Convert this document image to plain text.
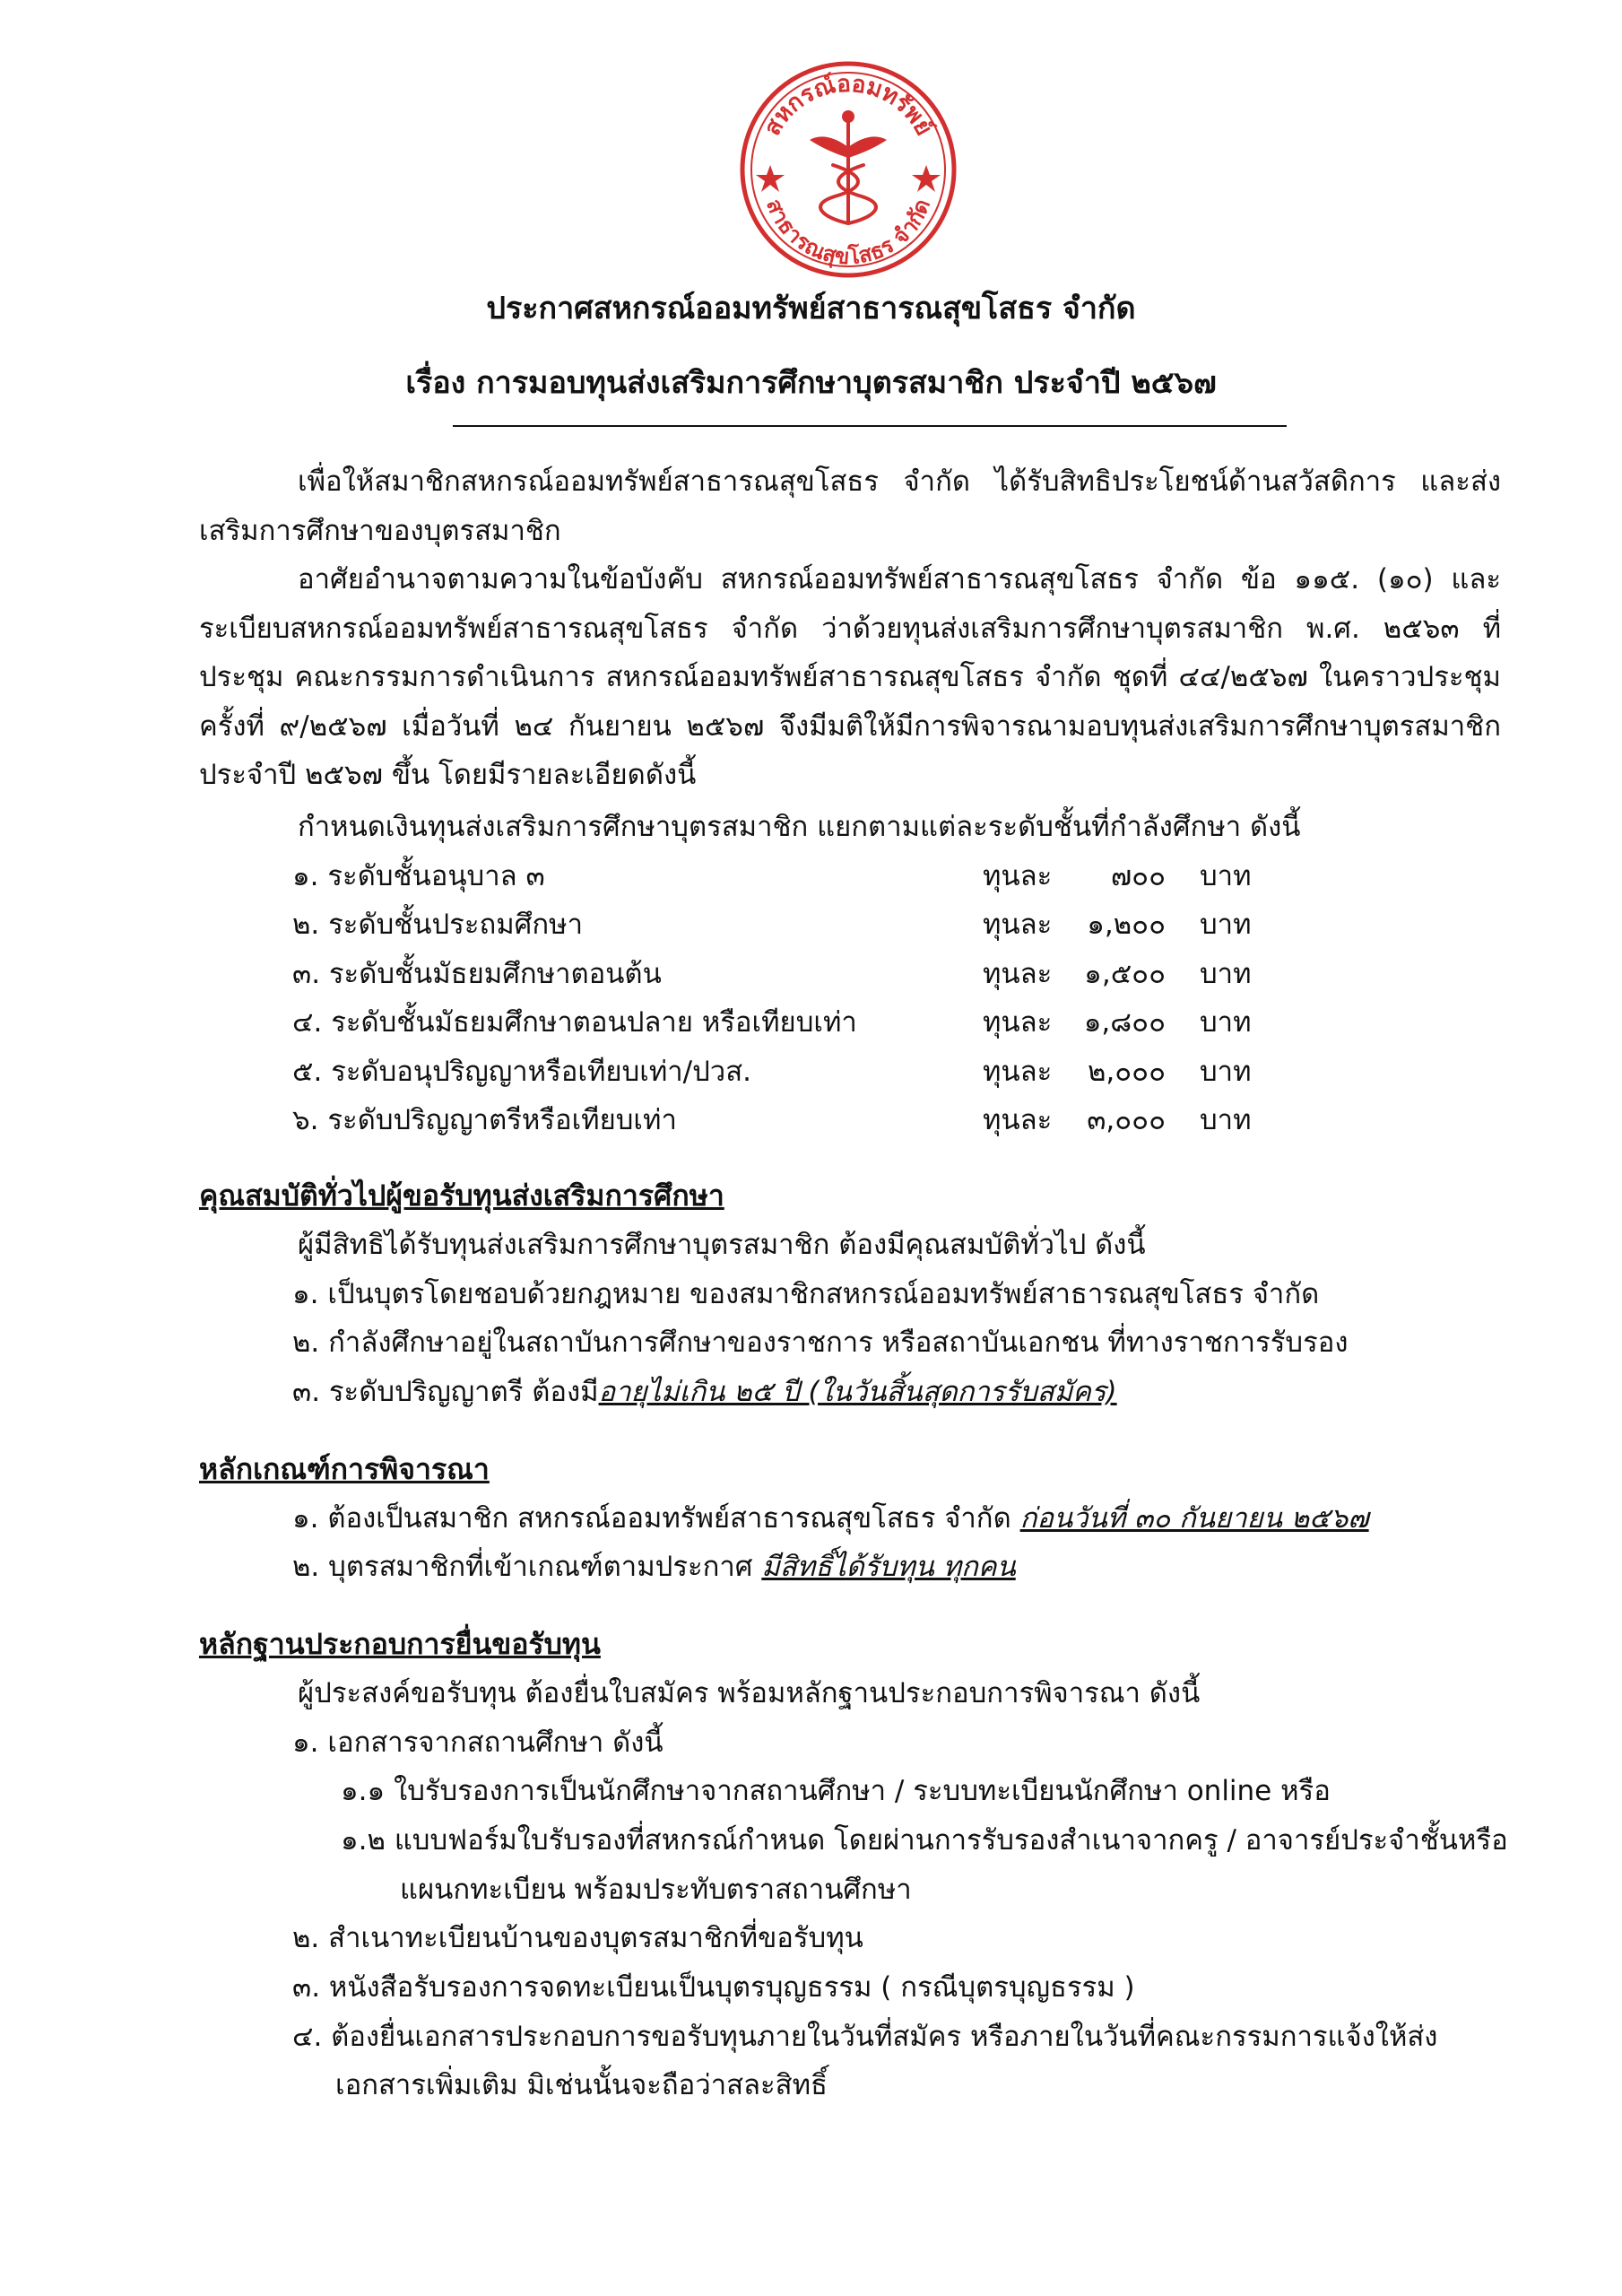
สหกรณ์ออมทรัพย์
สาธารณสุขโสธร จำกัด
ประกาศสหกรณ์ออมทรัพย์สาธารณสุขโสธร จำกัด
เรื่อง การมอบทุนส่งเสริมการศึกษาบุตรสมาชิก ประจำปี ๒๕๖๗
เพื่อให้สมาชิกสหกรณ์ออมทรัพย์สาธารณสุขโสธร จำกัด ได้รับสิทธิประโยชน์ด้านสวัสดิการ และส่งเสริมการศึกษาของบุตรสมาชิก
อาศัยอำนาจตามความในข้อบังคับ สหกรณ์ออมทรัพย์สาธารณสุขโสธร จำกัด ข้อ ๑๑๕. (๑๐) และ ระเบียบสหกรณ์ออมทรัพย์สาธารณสุขโสธร จำกัด ว่าด้วยทุนส่งเสริมการศึกษาบุตรสมาชิก พ.ศ. ๒๕๖๓ ที่ประชุม คณะกรรมการดำเนินการ สหกรณ์ออมทรัพย์สาธารณสุขโสธร จำกัด ชุดที่ ๔๔/๒๕๖๗ ในคราวประชุมครั้งที่ ๙/๒๕๖๗ เมื่อวันที่ ๒๔ กันยายน ๒๕๖๗ จึงมีมติให้มีการพิจารณามอบทุนส่งเสริมการศึกษาบุตรสมาชิก ประจำปี ๒๕๖๗ ขึ้น โดยมีรายละเอียดดังนี้
กำหนดเงินทุนส่งเสริมการศึกษาบุตรสมาชิก แยกตามแต่ละระดับชั้นที่กำลังศึกษา ดังนี้
๑. ระดับชั้นอนุบาล ๓	ทุนละ	๗๐๐ บาท
๒. ระดับชั้นประถมศึกษา	ทุนละ	๑,๒๐๐ บาท
๓. ระดับชั้นมัธยมศึกษาตอนต้น	ทุนละ	๑,๕๐๐ บาท
๔. ระดับชั้นมัธยมศึกษาตอนปลาย หรือเทียบเท่า	ทุนละ	๑,๘๐๐ บาท
๕. ระดับอนุปริญญาหรือเทียบเท่า/ปวส.	ทุนละ	๒,๐๐๐ บาท
๖. ระดับปริญญาตรีหรือเทียบเท่า	ทุนละ	๓,๐๐๐ บาท
คุณสมบัติทั่วไปผู้ขอรับทุนส่งเสริมการศึกษา
ผู้มีสิทธิได้รับทุนส่งเสริมการศึกษาบุตรสมาชิก ต้องมีคุณสมบัติทั่วไป ดังนี้
๑. เป็นบุตรโดยชอบด้วยกฎหมาย ของสมาชิกสหกรณ์ออมทรัพย์สาธารณสุขโสธร จำกัด
๒. กำลังศึกษาอยู่ในสถาบันการศึกษาของราชการ หรือสถาบันเอกชน ที่ทางราชการรับรอง
๓. ระดับปริญญาตรี ต้องมีอายุไม่เกิน ๒๕ ปี (ในวันสิ้นสุดการรับสมัคร)
หลักเกณฑ์การพิจารณา
๑. ต้องเป็นสมาชิก สหกรณ์ออมทรัพย์สาธารณสุขโสธร จำกัด ก่อนวันที่ ๓๐ กันยายน ๒๕๖๗
๒. บุตรสมาชิกที่เข้าเกณฑ์ตามประกาศ มีสิทธิ์ได้รับทุน ทุกคน
หลักฐานประกอบการยื่นขอรับทุน
ผู้ประสงค์ขอรับทุน ต้องยื่นใบสมัคร พร้อมหลักฐานประกอบการพิจารณา ดังนี้
๑. เอกสารจากสถานศึกษา ดังนี้
๑.๑ ใบรับรองการเป็นนักศึกษาจากสถานศึกษา / ระบบทะเบียนนักศึกษา online หรือ
๑.๒ แบบฟอร์มใบรับรองที่สหกรณ์กำหนด โดยผ่านการรับรองสำเนาจากครู / อาจารย์ประจำชั้นหรือ
แผนกทะเบียน พร้อมประทับตราสถานศึกษา
๒. สำเนาทะเบียนบ้านของบุตรสมาชิกที่ขอรับทุน
๓. หนังสือรับรองการจดทะเบียนเป็นบุตรบุญธรรม ( กรณีบุตรบุญธรรม )
๔. ต้องยื่นเอกสารประกอบการขอรับทุนภายในวันที่สมัคร หรือภายในวันที่คณะกรรมการแจ้งให้ส่ง
เอกสารเพิ่มเติม มิเช่นนั้นจะถือว่าสละสิทธิ์
